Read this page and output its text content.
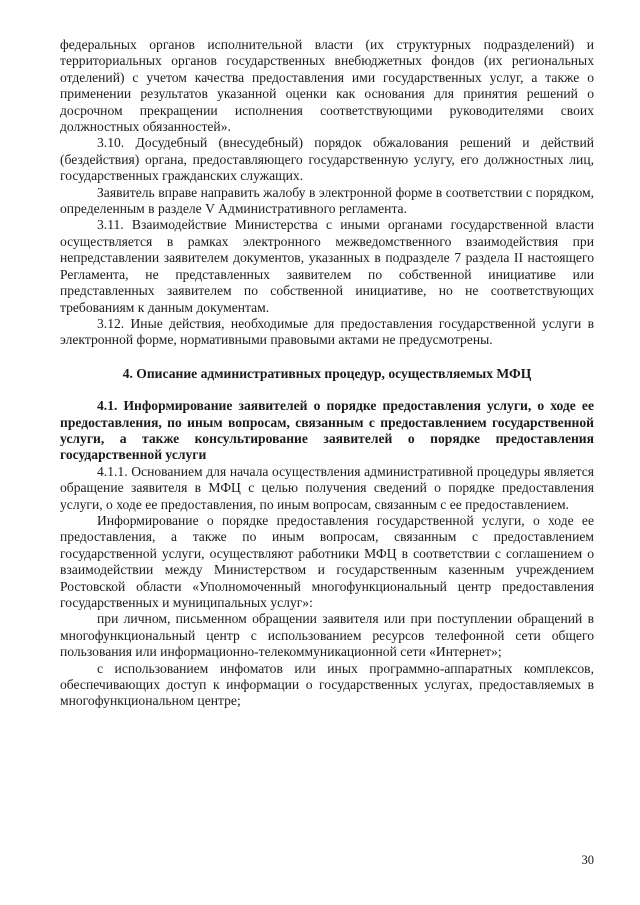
федеральных органов исполнительной власти (их структурных подразделений) и территориальных органов государственных внебюджетных фондов (их региональных отделений) с учетом качества предоставления ими государственных услуг, а также о применении результатов указанной оценки как основания для принятия решений о досрочном прекращении исполнения соответствующими руководителями своих должностных обязанностей».

3.10. Досудебный (внесудебный) порядок обжалования решений и действий (бездействия) органа, предоставляющего государственную услугу, его должностных лиц, государственных гражданских служащих.

Заявитель вправе направить жалобу в электронной форме в соответствии с порядком, определенным в разделе V Административного регламента.

3.11. Взаимодействие Министерства с иными органами государственной власти осуществляется в рамках электронного межведомственного взаимодействия при непредставлении заявителем документов, указанных в подразделе 7 раздела II настоящего Регламента, не представленных заявителем по собственной инициативе или представленных заявителем по собственной инициативе, но не соответствующих требованиям к данным документам.

3.12. Иные действия, необходимые для предоставления государственной услуги в электронной форме, нормативными правовыми актами не предусмотрены.

4. Описание административных процедур, осуществляемых МФЦ

4.1. Информирование заявителей о порядке предоставления услуги, о ходе ее предоставления, по иным вопросам, связанным с предоставлением государственной услуги, а также консультирование заявителей о порядке предоставления государственной услуги

4.1.1. Основанием для начала осуществления административной процедуры является обращение заявителя в МФЦ с целью получения сведений о порядке предоставления услуги, о ходе ее предоставления, по иным вопросам, связанным с ее предоставлением.

Информирование о порядке предоставления государственной услуги, о ходе ее предоставления, а также по иным вопросам, связанным с предоставлением государственной услуги, осуществляют работники МФЦ в соответствии с соглашением о взаимодействии между Министерством и государственным казенным учреждением Ростовской области «Уполномоченный многофункциональный центр предоставления государственных и муниципальных услуг»:

при личном, письменном обращении заявителя или при поступлении обращений в многофункциональный центр с использованием ресурсов телефонной сети общего пользования или информационно-телекоммуникационной сети «Интернет»;

с использованием инфоматов или иных программно-аппаратных комплексов, обеспечивающих доступ к информации о государственных услугах, предоставляемых в многофункциональном центре;

30
